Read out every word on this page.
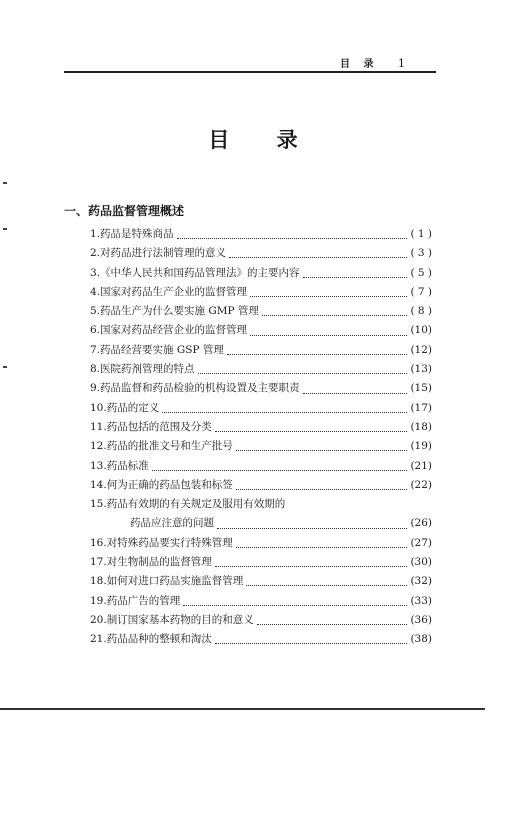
目 录 1
目 录
一、药品监督管理概述
1. 药品是特殊商品	( 1 )
2. 对药品进行法制管理的意义	( 3 )
3. 《中华人民共和国药品管理法》的主要内容	( 5 )
4. 国家对药品生产企业的监督管理	( 7 )
5. 药品生产为什么要实施 GMP 管理	( 8 )
6. 国家对药品经营企业的监督管理	(10)
7. 药品经营要实施 GSP 管理	(12)
8. 医院药剂管理的特点	(13)
9. 药品监督和药品检验的机构设置及主要职责	(15)
10. 药品的定义	(17)
11. 药品包括的范围及分类	(18)
12. 药品的批准文号和生产批号	(19)
13. 药品标准	(21)
14. 何为正确的药品包装和标签	(22)
15. 药品有效期的有关规定及服用有效期的
药品应注意的问题	(26)
16. 对特殊药品要实行特殊管理	(27)
17. 对生物制品的监督管理	(30)
18. 如何对进口药品实施监督管理	(32)
19. 药品广告的管理	(33)
20. 制订国家基本药物的目的和意义	(36)
21. 药品品种的整顿和淘汰	(38)
